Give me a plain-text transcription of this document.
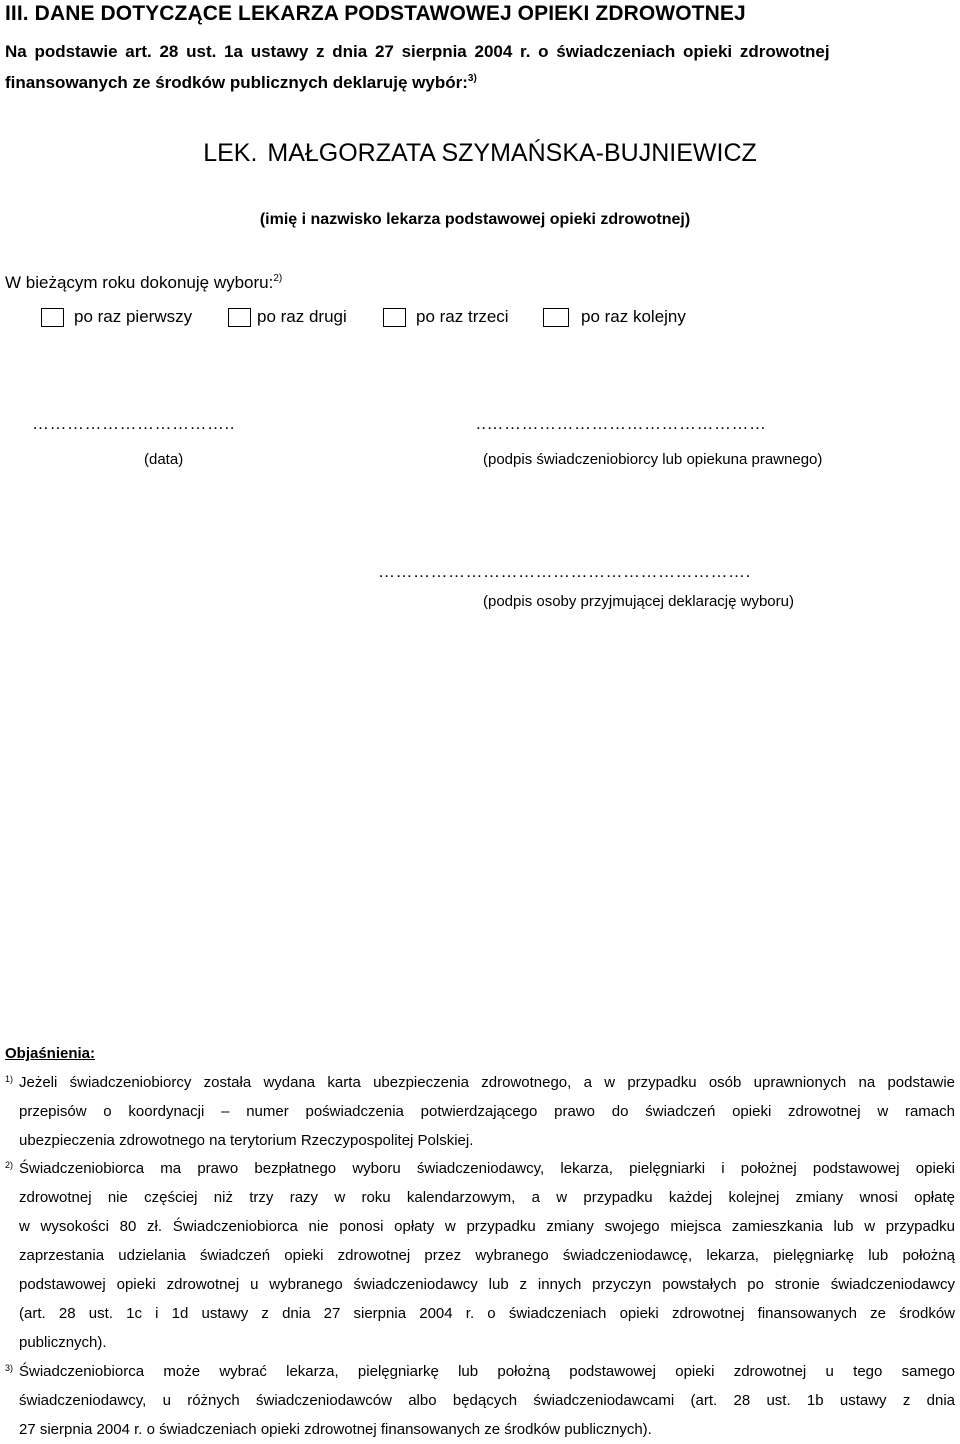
III. DANE DOTYCZĄCE LEKARZA PODSTAWOWEJ OPIEKI ZDROWOTNEJ
Na podstawie art. 28 ust. 1a ustawy z dnia 27 sierpnia 2004 r. o świadczeniach opieki zdrowotnej
finansowanych ze środków publicznych deklaruję wybór:$^{3)}$
LEK. MAŁGORZATA SZYMAŃSKA-BUJNIEWICZ
(imię i nazwisko lekarza podstawowej opieki zdrowotnej)
W bieżącym roku dokonuję wyboru:$^{2)}$
po raz pierwszy	po raz drugi	po raz trzeci	po raz kolejny
……………………………..	..…………………………………………
(data)	(podpis świadczeniobiorcy lub opiekuna prawnego)
……………………………………………………….
(podpis osoby przyjmującej deklarację wyboru)
Objaśnienia:
1) Jeżeli świadczeniobiorcy została wydana karta ubezpieczenia zdrowotnego, a w przypadku osób uprawnionych na podstawie
przepisów o koordynacji – numer poświadczenia potwierdzającego prawo do świadczeń opieki zdrowotnej w ramach
ubezpieczenia zdrowotnego na terytorium Rzeczypospolitej Polskiej.
2) Świadczeniobiorca ma prawo bezpłatnego wyboru świadczeniodawcy, lekarza, pielęgniarki i położnej podstawowej opieki
zdrowotnej nie częściej niż trzy razy w roku kalendarzowym, a w przypadku każdej kolejnej zmiany wnosi opłatę
w wysokości 80 zł. Świadczeniobiorca nie ponosi opłaty w przypadku zmiany swojego miejsca zamieszkania lub w przypadku
zaprzestania udzielania świadczeń opieki zdrowotnej przez wybranego świadczeniodawcę, lekarza, pielęgniarkę lub położną
podstawowej opieki zdrowotnej u wybranego świadczeniodawcy lub z innych przyczyn powstałych po stronie świadczeniodawcy
(art. 28 ust. 1c i 1d ustawy z dnia 27 sierpnia 2004 r. o świadczeniach opieki zdrowotnej finansowanych ze środków
publicznych).
3) Świadczeniobiorca może wybrać lekarza, pielęgniarkę lub położną podstawowej opieki zdrowotnej u tego samego
świadczeniodawcy, u różnych świadczeniodawców albo będących świadczeniodawcami (art. 28 ust. 1b ustawy z dnia
27 sierpnia 2004 r. o świadczeniach opieki zdrowotnej finansowanych ze środków publicznych).
